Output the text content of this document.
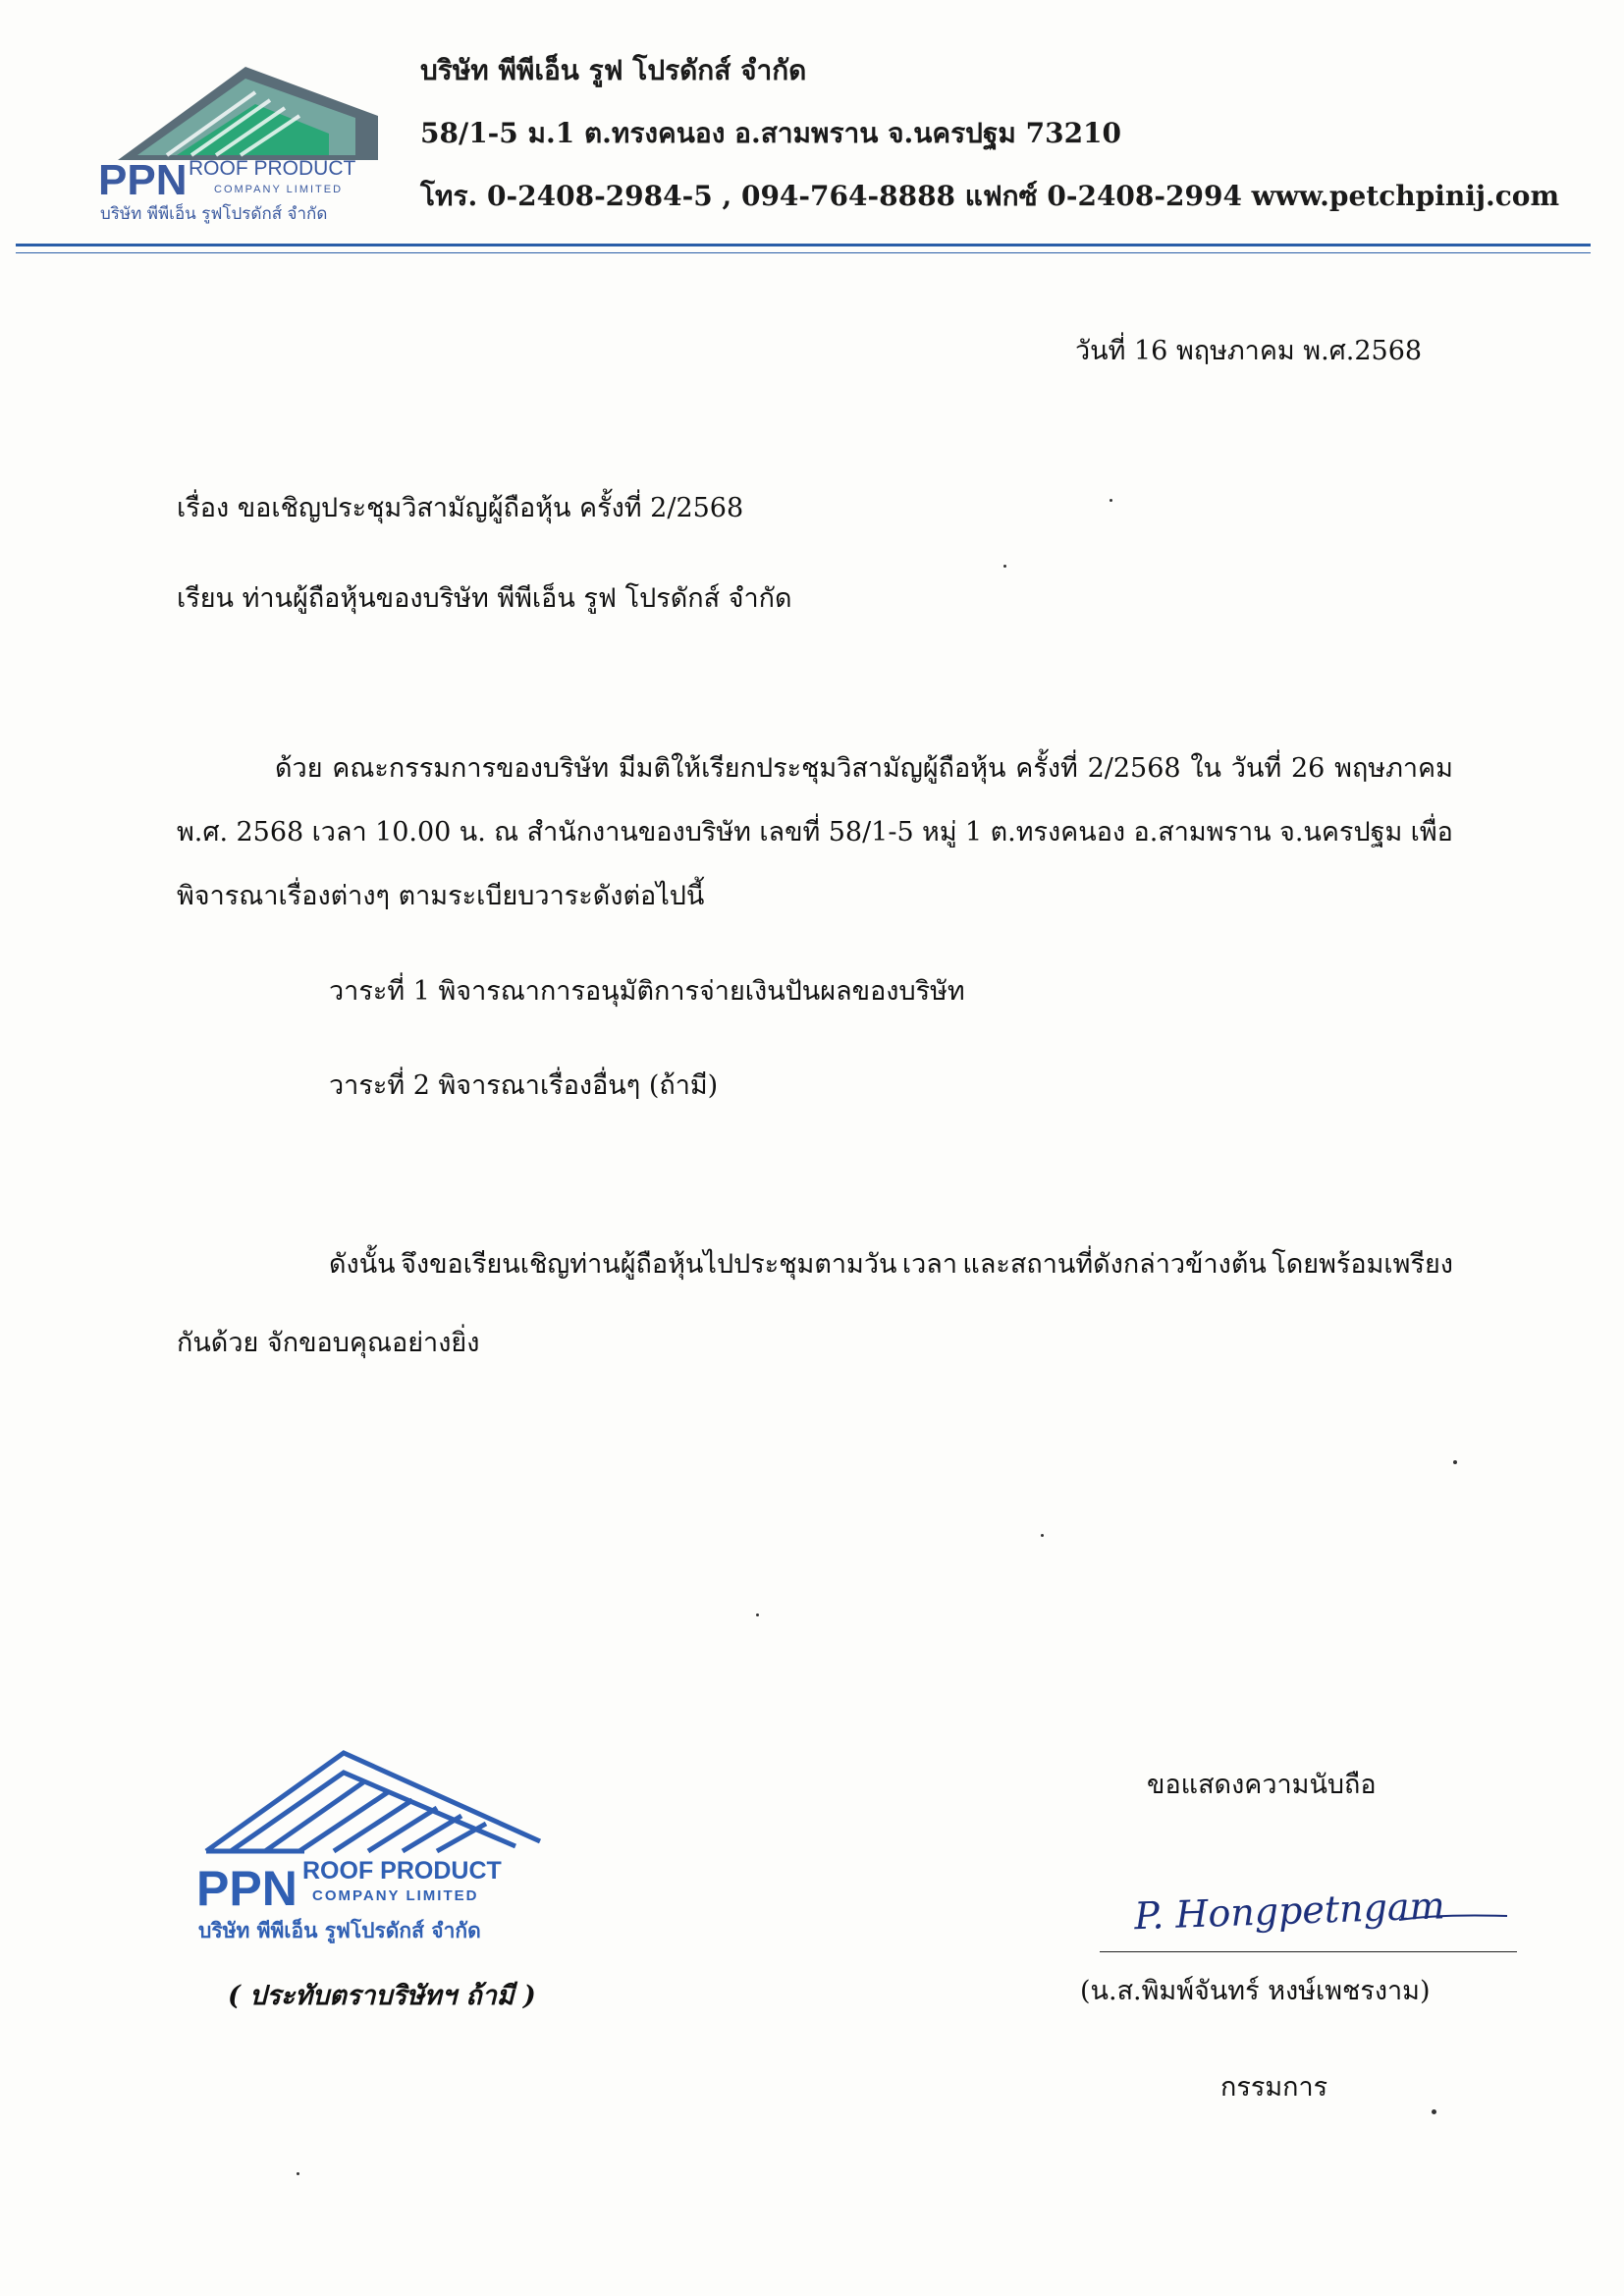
PPN ROOF PRODUCT
COMPANY LIMITED
บริษัท พีพีเอ็น รูฟโปรดักส์ จำกัด
บริษัท พีพีเอ็น รูฟ โปรดักส์ จำกัด
58/1-5 ม.1 ต.ทรงคนอง อ.สามพราน จ.นครปฐม 73210
โทร. 0-2408-2984-5 , 094-764-8888 แฟกซ์ 0-2408-2994 www.petchpinij.com
วันที่ 16 พฤษภาคม พ.ศ.2568
เรื่อง ขอเชิญประชุมวิสามัญผู้ถือหุ้น ครั้งที่ 2/2568
เรียน ท่านผู้ถือหุ้นของบริษัท พีพีเอ็น รูฟ โปรดักส์ จำกัด
ด้วย คณะกรรมการของบริษัท มีมติให้เรียกประชุมวิสามัญผู้ถือหุ้น ครั้งที่ 2/2568 ใน วันที่ 26 พฤษภาคม
พ.ศ. 2568 เวลา 10.00 น. ณ สำนักงานของบริษัท เลขที่ 58/1-5 หมู่ 1 ต.ทรงคนอง อ.สามพราน จ.นครปฐม เพื่อ
พิจารณาเรื่องต่างๆ ตามระเบียบวาระดังต่อไปนี้
วาระที่ 1 พิจารณาการอนุมัติการจ่ายเงินปันผลของบริษัท
วาระที่ 2 พิจารณาเรื่องอื่นๆ (ถ้ามี)
ดังนั้น จึงขอเรียนเชิญท่านผู้ถือหุ้นไปประชุมตามวัน เวลา และสถานที่ดังกล่าวข้างต้น โดยพร้อมเพรียง
กันด้วย จักขอบคุณอย่างยิ่ง
PPN ROOF PRODUCT
COMPANY LIMITED
บริษัท พีพีเอ็น รูฟโปรดักส์ จำกัด
( ประทับตราบริษัทฯ ถ้ามี )
ขอแสดงความนับถือ
P. Hongpetngam
(น.ส.พิมพ์จันทร์ หงษ์เพชรงาม)
กรรมการ
